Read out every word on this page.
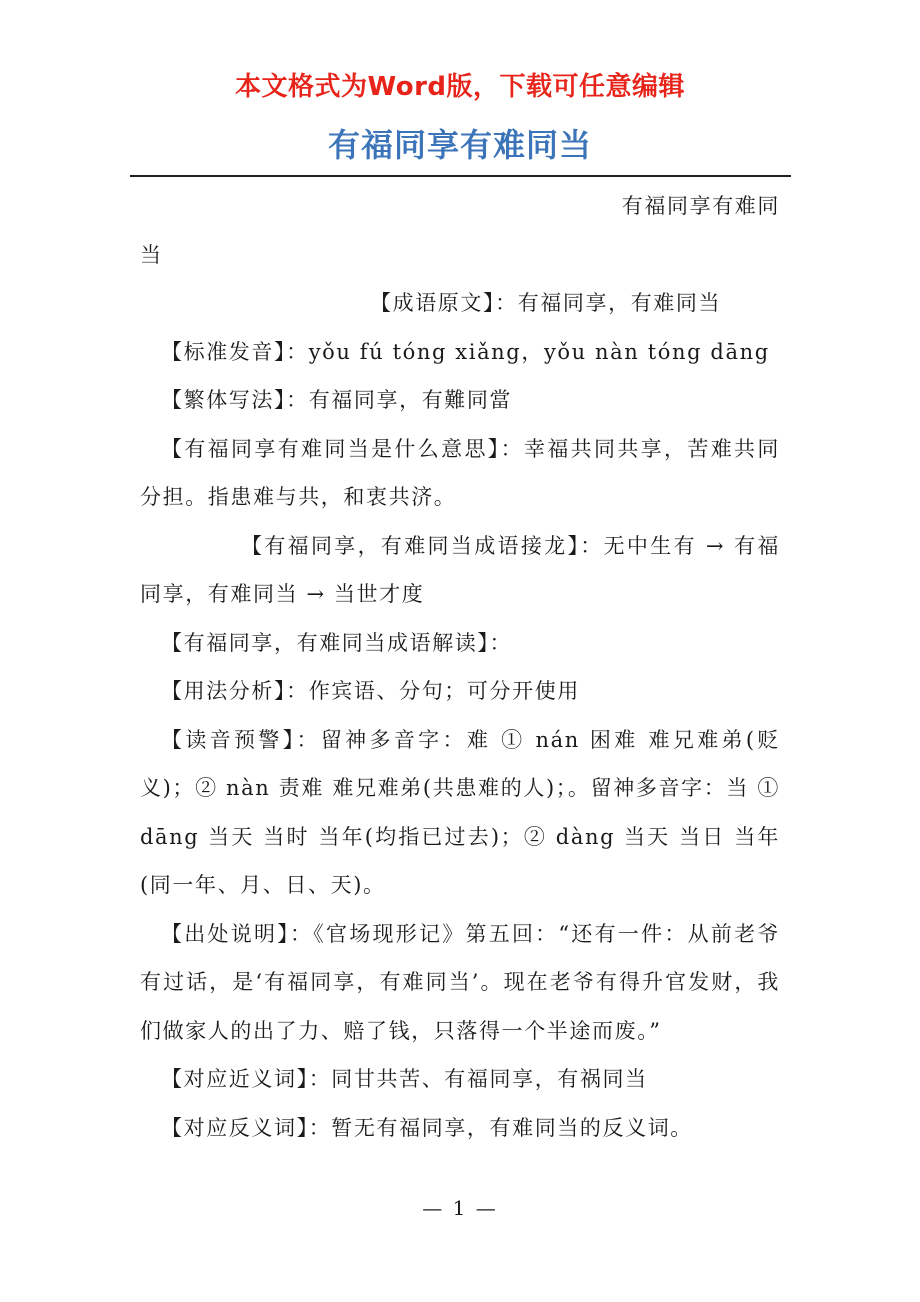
本文格式为Word版，下载可任意编辑
有福同享有难同当

有福同享有难同

当

【成语原文】：有福同享，有难同当

【标准发音】：yǒu fú tóng xiǎng，yǒu nàn tóng dāng

【繁体写法】：有福同享，有難同當

【有福同享有难同当是什么意思】：幸福共同共享，苦难共同分担。指患难与共，和衷共济。

【有福同享，有难同当成语接龙】：无中生有 → 有福同享，有难同当 → 当世才度

【有福同享，有难同当成语解读】：

【用法分析】：作宾语、分句；可分开使用

【读音预警】：留神多音字：难 ① nán 困难 难兄难弟(贬义)；② nàn 责难 难兄难弟(共患难的人)；。留神多音字：当 ① dāng 当天 当时 当年(均指已过去)；② dàng 当天 当日 当年(同一年、月、日、天)。

【出处说明】：《官场现形记》第五回：“还有一件：从前老爷有过话，是‘有福同享，有难同当’。现在老爷有得升官发财，我们做家人的出了力、赔了钱，只落得一个半途而废。”

【对应近义词】：同甘共苦、有福同享，有祸同当

【对应反义词】：暂无有福同享，有难同当的反义词。

— 1 —
